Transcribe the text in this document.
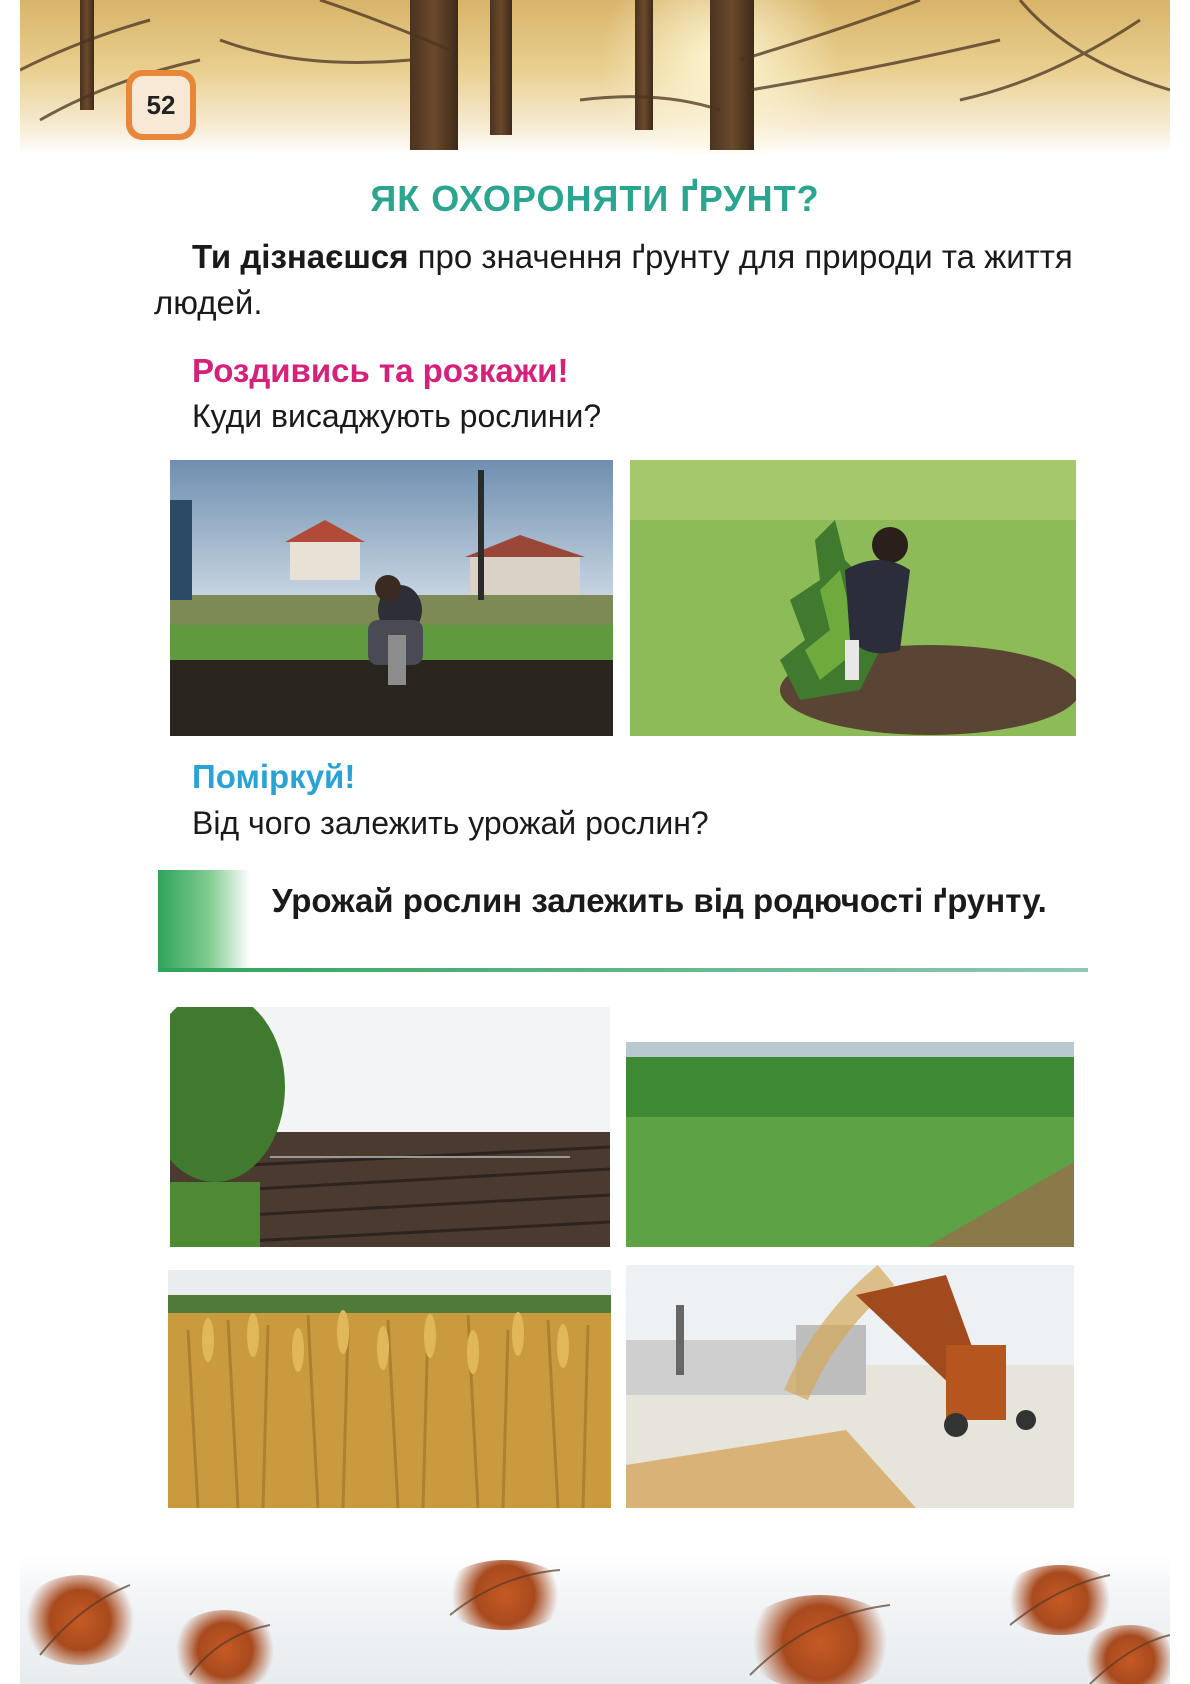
52
ЯК ОХОРОНЯТИ ҐРУНТ?
Ти дізнаєшся про значення ґрунту для природи та життя людей.
Роздивись та розкажи!
Куди висаджують рослини?
Поміркуй!
Від чого залежить урожай рослин?
Урожай рослин залежить від родючості ґрунту.
